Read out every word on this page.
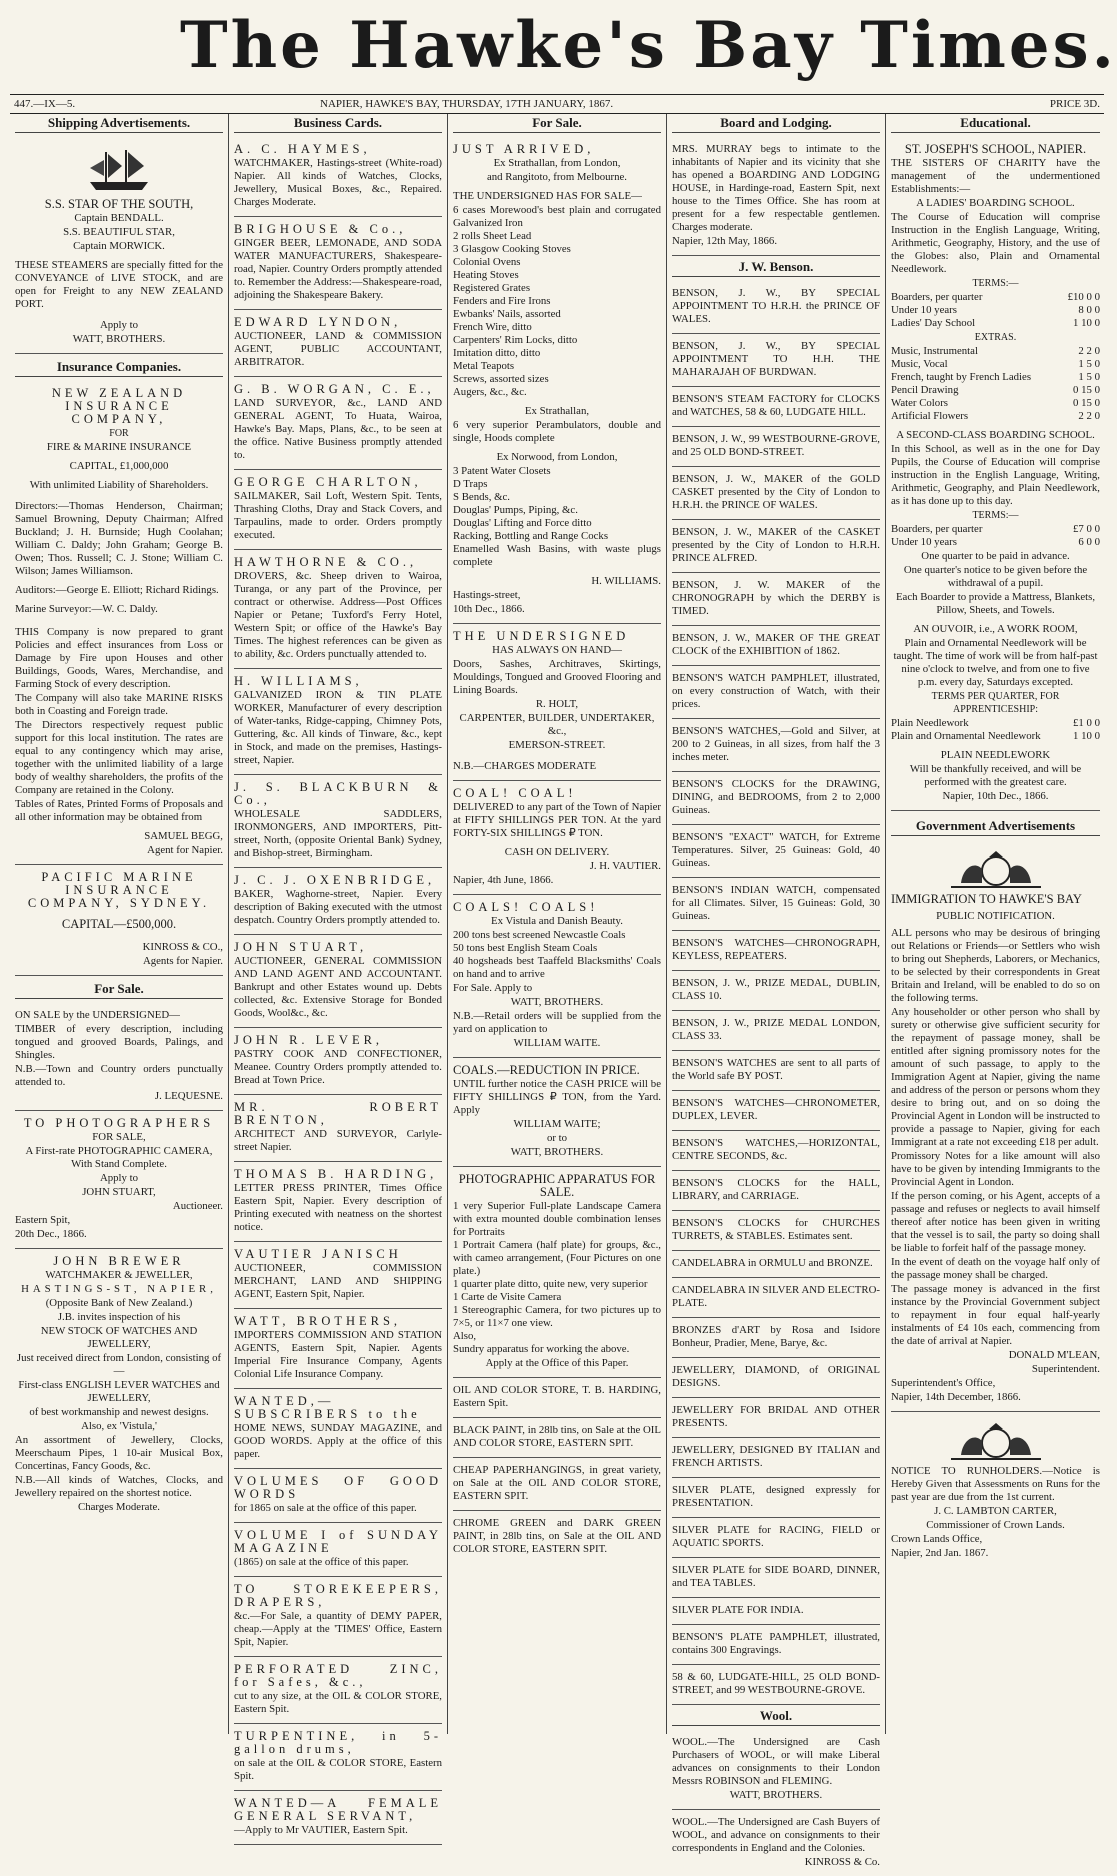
The Hawke's Bay Times.
447.—IX—5.	NAPIER, HAWKE'S BAY, THURSDAY, 17TH JANUARY, 1867.	PRICE 3D.
Shipping Advertisements.

S.S. STAR OF THE SOUTH,

Captain BENDALL.

S.S. BEAUTIFUL STAR,

Captain MORWICK.

THESE STEAMERS are specially fitted for the CONVEYANCE of LIVE STOCK, and are open for Freight to any NEW ZEALAND PORT.

Apply to

WATT, BROTHERS.

Insurance Companies.

NEW ZEALAND INSURANCE COMPANY,

FOR

FIRE & MARINE INSURANCE

CAPITAL, £1,000,000

With unlimited Liability of Shareholders.

Directors:—Thomas Henderson, Chairman; Samuel Browning, Deputy Chairman; Alfred Buckland; J. H. Burnside; Hugh Coolahan; William C. Daldy; John Graham; George B. Owen; Thos. Russell; C. J. Stone; William C. Wilson; James Williamson.

Auditors:—George E. Elliott; Richard Ridings.

Marine Surveyor:—W. C. Daldy.

THIS Company is now prepared to grant Policies and effect insurances from Loss or Damage by Fire upon Houses and other Buildings, Goods, Wares, Merchandise, and Farming Stock of every description.

The Company will also take MARINE RISKS both in Coasting and Foreign trade.

The Directors respectively request public support for this local institution. The rates are equal to any contingency which may arise, together with the unlimited liability of a large body of wealthy shareholders, the profits of the Company are retained in the Colony.

Tables of Rates, Printed Forms of Proposals and all other information may be obtained from

SAMUEL BEGG,

Agent for Napier.

PACIFIC MARINE INSURANCE COMPANY, SYDNEY.

CAPITAL—£500,000.

KINROSS & CO.,

Agents for Napier.

For Sale.

ON SALE by the UNDERSIGNED—

TIMBER of every description, including tongued and grooved Boards, Palings, and Shingles.

N.B.—Town and Country orders punctually attended to.

J. LEQUESNE.

TO PHOTOGRAPHERS

FOR SALE,

A First-rate PHOTOGRAPHIC CAMERA, With Stand Complete.

Apply to

JOHN STUART,

Auctioneer.

Eastern Spit,

20th Dec., 1866.

JOHN BREWER

WATCHMAKER & JEWELLER,

HASTINGS-ST, NAPIER,

(Opposite Bank of New Zealand.)

J.B. invites inspection of his

NEW STOCK OF WATCHES AND JEWELLERY,

Just received direct from London, consisting of—

First-class ENGLISH LEVER WATCHES and JEWELLERY,

of best workmanship and newest designs.

Also, ex 'Vistula,'

An assortment of Jewellery, Clocks, Meerschaum Pipes, 1 10-air Musical Box, Concertinas, Fancy Goods, &c.

N.B.—All kinds of Watches, Clocks, and Jewellery repaired on the shortest notice.

Charges Moderate.

Business Cards.

A. C. HAYMES,

WATCHMAKER, Hastings-street (White-road) Napier. All kinds of Watches, Clocks, Jewellery, Musical Boxes, &c., Repaired. Charges Moderate.

BRIGHOUSE & Co.,

GINGER BEER, LEMONADE, AND SODA WATER MANUFACTURERS, Shakespeare-road, Napier. Country Orders promptly attended to. Remember the Address:—Shakespeare-road, adjoining the Shakespeare Bakery.

EDWARD LYNDON,

AUCTIONEER, LAND & COMMISSION AGENT, PUBLIC ACCOUNTANT, ARBITRATOR.

G. B. WORGAN, C. E.,

LAND SURVEYOR, &c., LAND AND GENERAL AGENT, To Huata, Wairoa, Hawke's Bay. Maps, Plans, &c., to be seen at the office. Native Business promptly attended to.

GEORGE CHARLTON,

SAILMAKER, Sail Loft, Western Spit. Tents, Thrashing Cloths, Dray and Stack Covers, and Tarpaulins, made to order. Orders promptly executed.

HAWTHORNE & CO.,

DROVERS, &c. Sheep driven to Wairoa, Turanga, or any part of the Province, per contract or otherwise. Address—Post Offices Napier or Petane; Tuxford's Ferry Hotel, Western Spit; or office of the Hawke's Bay Times. The highest references can be given as to ability, &c. Orders punctually attended to.

H. WILLIAMS,

GALVANIZED IRON & TIN PLATE WORKER, Manufacturer of every description of Water-tanks, Ridge-capping, Chimney Pots, Guttering, &c. All kinds of Tinware, &c., kept in Stock, and made on the premises, Hastings-street, Napier.

J. S. BLACKBURN & Co.,

WHOLESALE SADDLERS, IRONMONGERS, AND IMPORTERS, Pitt-street, North, (opposite Oriental Bank) Sydney, and Bishop-street, Birmingham.

J. C. J. OXENBRIDGE,

BAKER, Waghorne-street, Napier. Every description of Baking executed with the utmost despatch. Country Orders promptly attended to.

JOHN STUART,

AUCTIONEER, GENERAL COMMISSION AND LAND AGENT AND ACCOUNTANT. Bankrupt and other Estates wound up. Debts collected, &c. Extensive Storage for Bonded Goods, Wool&c., &c.

JOHN R. LEVER,

PASTRY COOK AND CONFECTIONER, Meanee. Country Orders promptly attended to. Bread at Town Price.

MR. ROBERT BRENTON,

ARCHITECT AND SURVEYOR, Carlyle-street Napier.

THOMAS B. HARDING,

LETTER PRESS PRINTER, Times Office Eastern Spit, Napier. Every description of Printing executed with neatness on the shortest notice.

VAUTIER JANISCH

AUCTIONEER, COMMISSION MERCHANT, LAND AND SHIPPING AGENT, Eastern Spit, Napier.

WATT, BROTHERS,

IMPORTERS COMMISSION AND STATION AGENTS, Eastern Spit, Napier. Agents Imperial Fire Insurance Company, Agents Colonial Life Insurance Company.

WANTED,—SUBSCRIBERS to the

HOME NEWS, SUNDAY MAGAZINE, and GOOD WORDS. Apply at the office of this paper.

VOLUMES OF GOOD WORDS

for 1865 on sale at the office of this paper.

VOLUME I of SUNDAY MAGAZINE

(1865) on sale at the office of this paper.

TO STOREKEEPERS, DRAPERS,

&c.—For Sale, a quantity of DEMY PAPER, cheap.—Apply at the 'TIMES' Office, Eastern Spit, Napier.

PERFORATED ZINC, for Safes, &c.,

cut to any size, at the OIL & COLOR STORE, Eastern Spit.

TURPENTINE, in 5-gallon drums,

on sale at the OIL & COLOR STORE, Eastern Spit.

WANTED—A FEMALE GENERAL SERVANT,

—Apply to Mr VAUTIER, Eastern Spit.

For Sale.

JUST ARRIVED,

Ex Strathallan, from London,

and Rangitoto, from Melbourne.

THE UNDERSIGNED HAS FOR SALE—

6 cases Morewood's best plain and corrugated Galvanized Iron
2 rolls Sheet Lead
3 Glasgow Cooking Stoves
Colonial Ovens
Heating Stoves
Registered Grates
Fenders and Fire Irons
Ewbanks' Nails, assorted
French Wire, ditto
Carpenters' Rim Locks, ditto
Imitation ditto, ditto
Metal Teapots
Screws, assorted sizes
Augers, &c., &c.

Ex Strathallan,

6 very superior Perambulators, double and single, Hoods complete

Ex Norwood, from London,

3 Patent Water Closets
D Traps
S Bends, &c.
Douglas' Pumps, Piping, &c.
Douglas' Lifting and Force ditto
Racking, Bottling and Range Cocks
Enamelled Wash Basins, with waste plugs complete

H. WILLIAMS.

Hastings-street,

10th Dec., 1866.

THE UNDERSIGNED

HAS ALWAYS ON HAND—

Doors, Sashes, Architraves, Skirtings, Mouldings, Tongued and Grooved Flooring and Lining Boards.

R. HOLT,

CARPENTER, BUILDER, UNDERTAKER, &c.,

EMERSON-STREET.

N.B.—CHARGES MODERATE

COAL! COAL!

DELIVERED to any part of the Town of Napier at FIFTY SHILLINGS PER TON. At the yard FORTY-SIX SHILLINGS ₽ TON.

CASH ON DELIVERY.

J. H. VAUTIER.

Napier, 4th June, 1866.

COALS! COALS!

Ex Vistula and Danish Beauty.

200 tons best screened Newcastle Coals
50 tons best English Steam Coals
40 hogsheads best Taaffeld Blacksmiths' Coals on hand and to arrive

For Sale. Apply to

WATT, BROTHERS.

N.B.—Retail orders will be supplied from the yard on application to

WILLIAM WAITE.

COALS.—REDUCTION IN PRICE.

UNTIL further notice the CASH PRICE will be FIFTY SHILLINGS ₽ TON, from the Yard. Apply

WILLIAM WAITE;

or to

WATT, BROTHERS.

PHOTOGRAPHIC APPARATUS FOR SALE.

1 very Superior Full-plate Landscape Camera with extra mounted double combination lenses for Portraits
1 Portrait Camera (half plate) for groups, &c., with cameo arrangement, (Four Pictures on one plate.)
1 quarter plate ditto, quite new, very superior
1 Carte de Visite Camera
1 Stereographic Camera, for two pictures up to 7×5, or 11×7 one view.
Also,
Sundry apparatus for working the above.

Apply at the Office of this Paper.

OIL AND COLOR STORE, T. B. HARDING, Eastern Spit.

BLACK PAINT, in 28lb tins, on Sale at the OIL AND COLOR STORE, EASTERN SPIT.

CHEAP PAPERHANGINGS, in great variety, on Sale at the OIL AND COLOR STORE, EASTERN SPIT.

CHROME GREEN and DARK GREEN PAINT, in 28lb tins, on Sale at the OIL AND COLOR STORE, EASTERN SPIT.

Board and Lodging.

MRS. MURRAY begs to intimate to the inhabitants of Napier and its vicinity that she has opened a BOARDING AND LODGING HOUSE, in Hardinge-road, Eastern Spit, next house to the Times Office. She has room at present for a few respectable gentlemen. Charges moderate.

Napier, 12th May, 1866.

J. W. Benson.

BENSON, J. W., BY SPECIAL APPOINTMENT TO H.R.H. the PRINCE OF WALES.

BENSON, J. W., BY SPECIAL APPOINTMENT TO H.H. THE MAHARAJAH OF BURDWAN.

BENSON'S STEAM FACTORY for CLOCKS and WATCHES, 58 & 60, LUDGATE HILL.

BENSON, J. W., 99 WESTBOURNE-GROVE, and 25 OLD BOND-STREET.

BENSON, J. W., MAKER of the GOLD CASKET presented by the City of London to H.R.H. the PRINCE OF WALES.

BENSON, J. W., MAKER of the CASKET presented by the City of London to H.R.H. PRINCE ALFRED.

BENSON, J. W. MAKER of the CHRONOGRAPH by which the DERBY is TIMED.

BENSON, J. W., MAKER OF THE GREAT CLOCK of the EXHIBITION of 1862.

BENSON'S WATCH PAMPHLET, illustrated, on every construction of Watch, with their prices.

BENSON'S WATCHES,—Gold and Silver, at 200 to 2 Guineas, in all sizes, from half the 3 inches meter.

BENSON'S CLOCKS for the DRAWING, DINING, and BEDROOMS, from 2 to 2,000 Guineas.

BENSON'S "EXACT" WATCH, for Extreme Temperatures. Silver, 25 Guineas: Gold, 40 Guineas.

BENSON'S INDIAN WATCH, compensated for all Climates. Silver, 15 Guineas: Gold, 30 Guineas.

BENSON'S WATCHES—CHRONOGRAPH, KEYLESS, REPEATERS.

BENSON, J. W., PRIZE MEDAL, DUBLIN, CLASS 10.

BENSON, J. W., PRIZE MEDAL LONDON, CLASS 33.

BENSON'S WATCHES are sent to all parts of the World safe BY POST.

BENSON'S WATCHES—CHRONOMETER, DUPLEX, LEVER.

BENSON'S WATCHES,—HORIZONTAL, CENTRE SECONDS, &c.

BENSON'S CLOCKS for the HALL, LIBRARY, and CARRIAGE.

BENSON'S CLOCKS for CHURCHES TURRETS, & STABLES. Estimates sent.

CANDELABRA in ORMULU and BRONZE.

CANDELABRA IN SILVER AND ELECTRO-PLATE.

BRONZES d'ART by Rosa and Isidore Bonheur, Pradier, Mene, Barye, &c.

JEWELLERY, DIAMOND, of ORIGINAL DESIGNS.

JEWELLERY FOR BRIDAL AND OTHER PRESENTS.

JEWELLERY, DESIGNED BY ITALIAN and FRENCH ARTISTS.

SILVER PLATE, designed expressly for PRESENTATION.

SILVER PLATE for RACING, FIELD or AQUATIC SPORTS.

SILVER PLATE for SIDE BOARD, DINNER, and TEA TABLES.

SILVER PLATE FOR INDIA.

BENSON'S PLATE PAMPHLET, illustrated, contains 300 Engravings.

58 & 60, LUDGATE-HILL, 25 OLD BOND-STREET, and 99 WESTBOURNE-GROVE.

Wool.

WOOL.—The Undersigned are Cash Purchasers of WOOL, or will make Liberal advances on consignments to their London Messrs ROBINSON and FLEMING.

WATT, BROTHERS.

WOOL.—The Undersigned are Cash Buyers of WOOL, and advance on consignments to their correspondents in England and the Colonies.

KINROSS & Co.

Educational.

ST. JOSEPH'S SCHOOL, NAPIER.

THE SISTERS OF CHARITY have the management of the undermentioned Establishments:—

A LADIES' BOARDING SCHOOL.

The Course of Education will comprise Instruction in the English Language, Writing, Arithmetic, Geography, History, and the use of the Globes: also, Plain and Ornamental Needlework.

TERMS:—

Boarders, per quarter	£10 0 0
Under 10 years	8 0 0
Ladies' Day School	1 10 0

EXTRAS.

Music, Instrumental	2 2 0
Music, Vocal	1 5 0
French, taught by French Ladies	1 5 0
Pencil Drawing	0 15 0
Water Colors	0 15 0
Artificial Flowers	2 2 0

A SECOND-CLASS BOARDING SCHOOL.

In this School, as well as in the one for Day Pupils, the Course of Education will comprise instruction in the English Language, Writing, Arithmetic, Geography, and Plain Needlework, as it has done up to this day.

TERMS:—

Boarders, per quarter	£7 0 0
Under 10 years	6 0 0

One quarter to be paid in advance.

One quarter's notice to be given before the withdrawal of a pupil.

Each Boarder to provide a Mattress, Blankets, Pillow, Sheets, and Towels.

AN OUVOIR, i.e., A WORK ROOM,

Plain and Ornamental Needlework will be taught. The time of work will be from half-past nine o'clock to twelve, and from one to five p.m. every day, Saturdays excepted.

TERMS PER QUARTER, FOR APPRENTICESHIP:

Plain Needlework	£1 0 0
Plain and Ornamental Needlework	1 10 0

PLAIN NEEDLEWORK

Will be thankfully received, and will be performed with the greatest care.

Napier, 10th Dec., 1866.

Government Advertisements

IMMIGRATION TO HAWKE'S BAY

PUBLIC NOTIFICATION.

ALL persons who may be desirous of bringing out Relations or Friends—or Settlers who wish to bring out Shepherds, Laborers, or Mechanics, to be selected by their correspondents in Great Britain and Ireland, will be enabled to do so on the following terms.

Any householder or other person who shall by surety or otherwise give sufficient security for the repayment of passage money, shall be entitled after signing promissory notes for the amount of such passage, to apply to the Immigration Agent at Napier, giving the name and address of the person or persons whom they desire to bring out, and on so doing the Provincial Agent in London will be instructed to provide a passage to Napier, giving for each Immigrant at a rate not exceeding £18 per adult.

Promissory Notes for a like amount will also have to be given by intending Immigrants to the Provincial Agent in London.

If the person coming, or his Agent, accepts of a passage and refuses or neglects to avail himself thereof after notice has been given in writing that the vessel is to sail, the party so doing shall be liable to forfeit half of the passage money.

In the event of death on the voyage half only of the passage money shall be charged.

The passage money is advanced in the first instance by the Provincial Government subject to repayment in four equal half-yearly instalments of £4 10s each, commencing from the date of arrival at Napier.

DONALD M'LEAN,

Superintendent.

Superintendent's Office,

Napier, 14th December, 1866.

NOTICE TO RUNHOLDERS.—Notice is Hereby Given that Assessments on Runs for the past year are due from the 1st current.

J. C. LAMBTON CARTER,

Commissioner of Crown Lands.

Crown Lands Office,

Napier, 2nd Jan. 1867.
